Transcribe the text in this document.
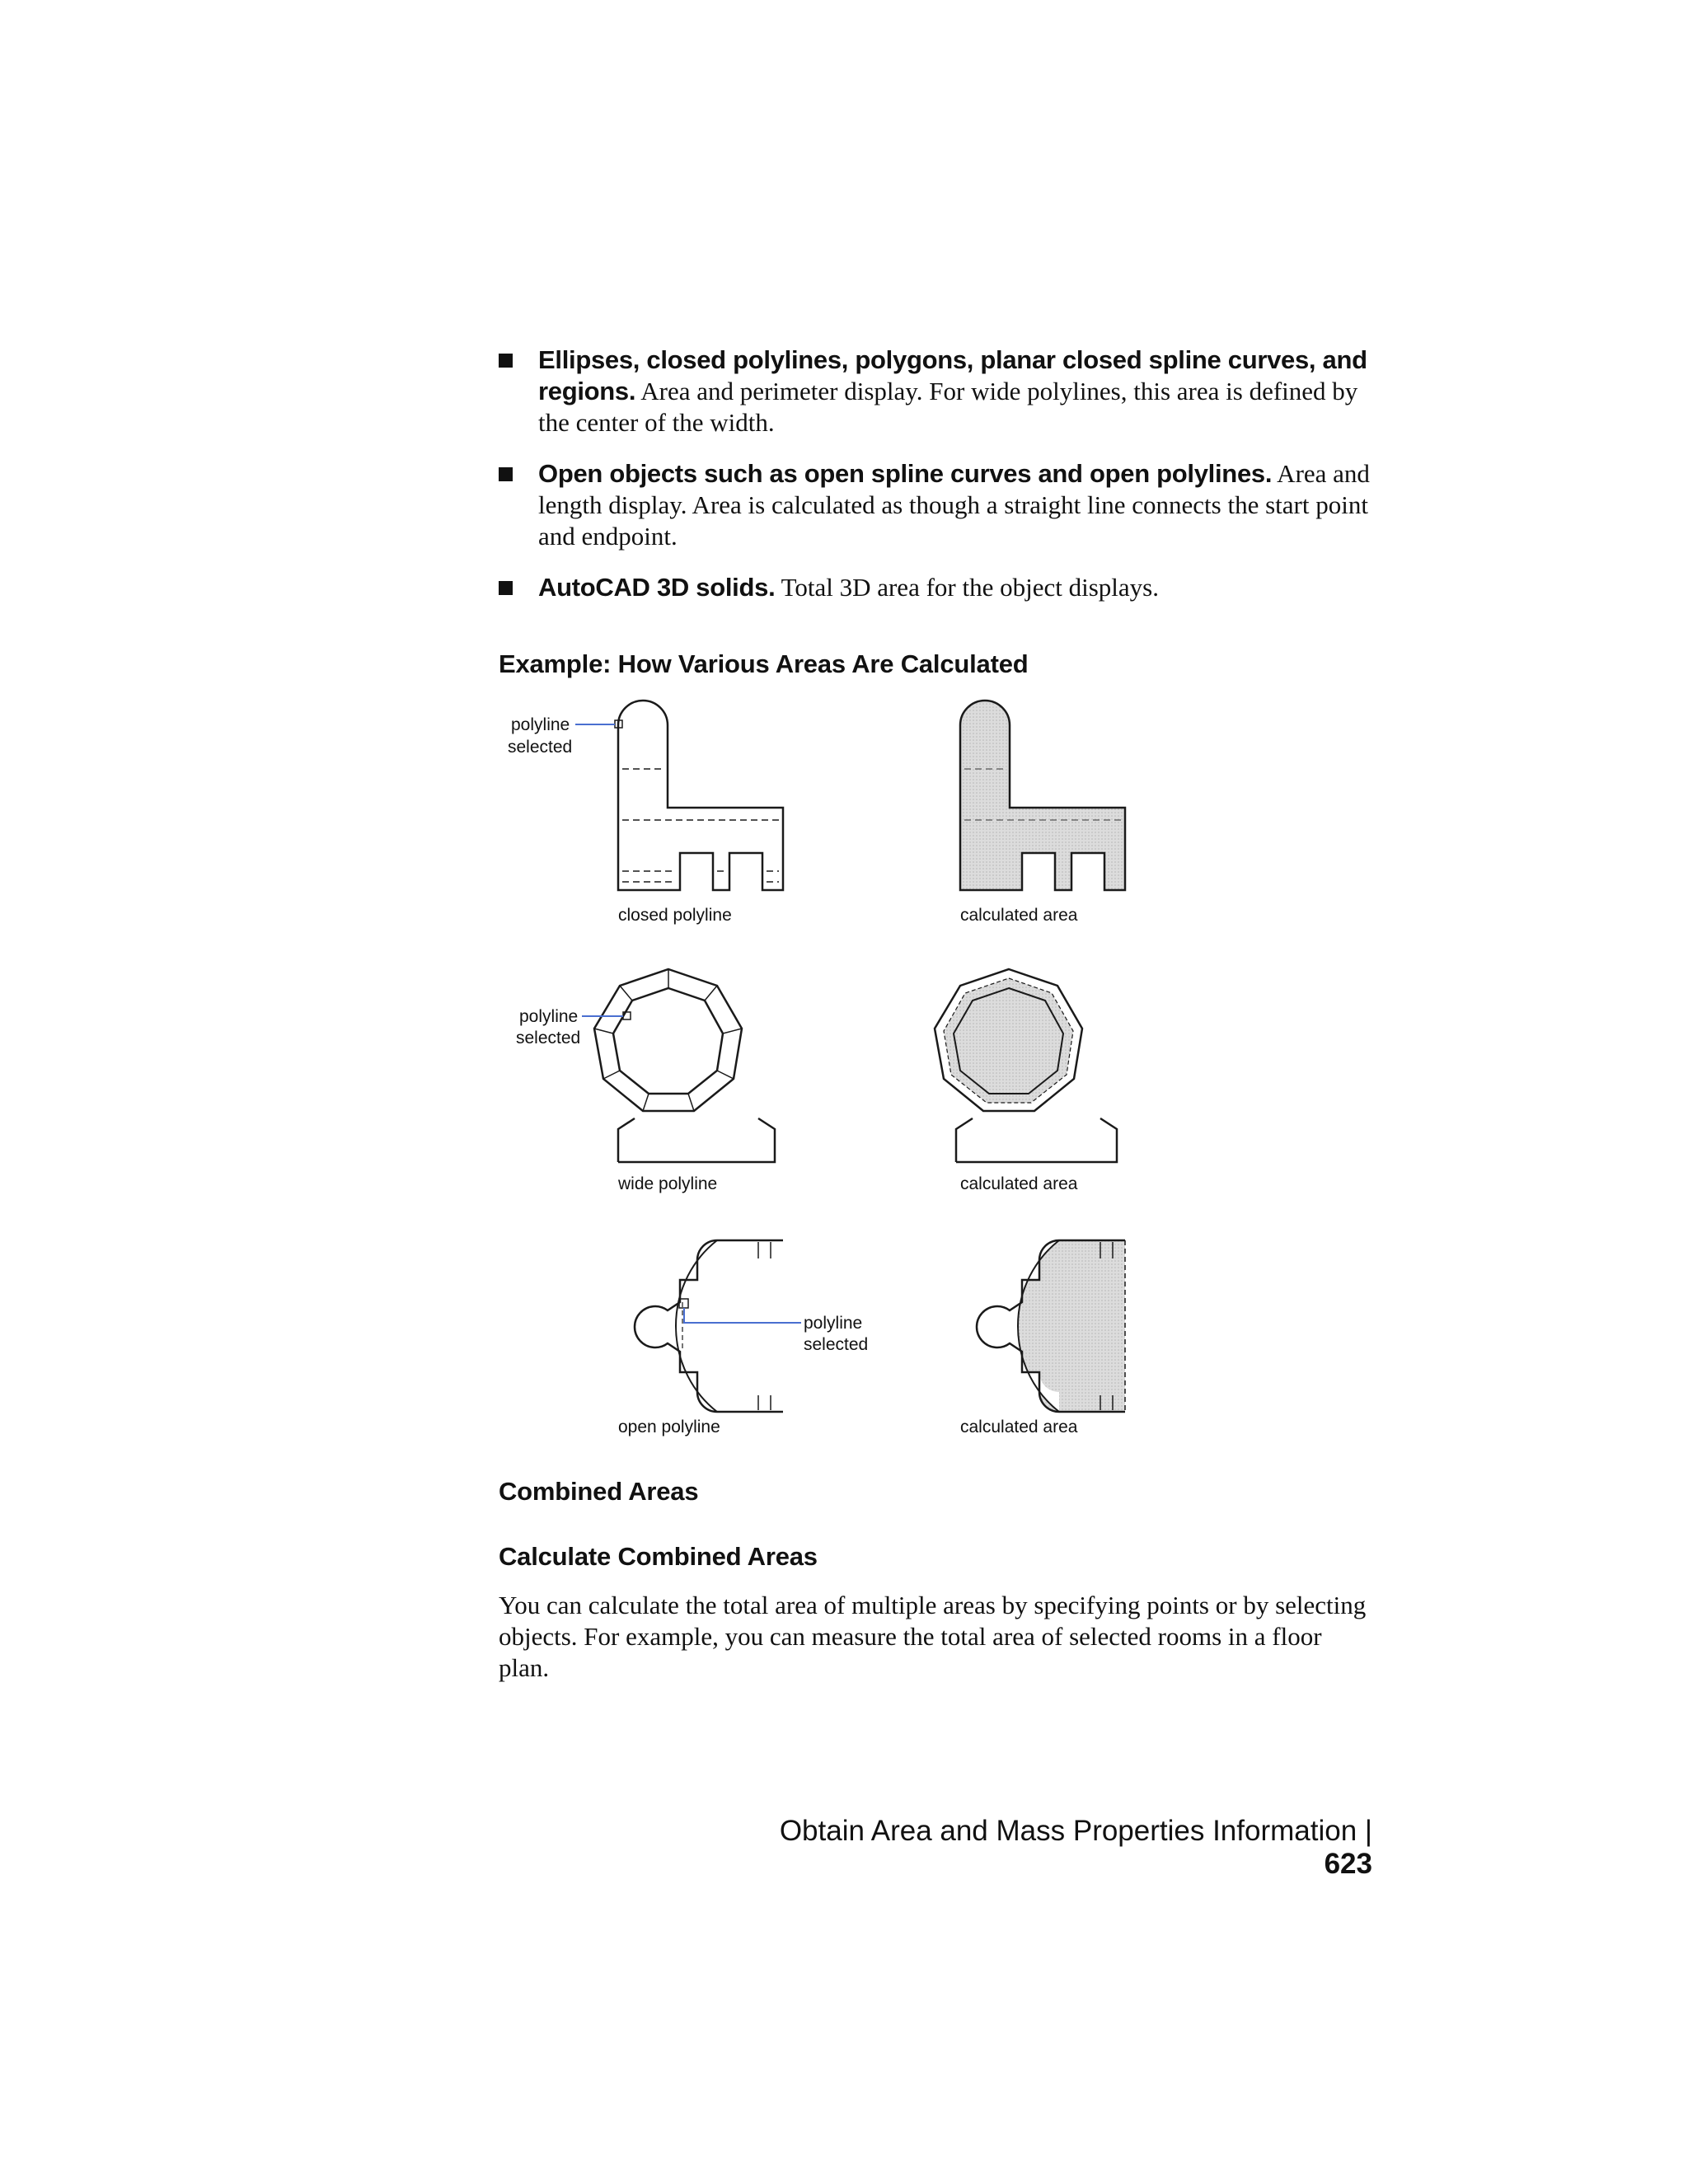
Ellipses, closed polylines, polygons, planar closed spline curves, and regions. Area and perimeter display. For wide polylines, this area is defined by the center of the width.
Open objects such as open spline curves and open polylines. Area and length display. Area is calculated as though a straight line connects the start point and endpoint.
AutoCAD 3D solids. Total 3D area for the object displays.
Example: How Various Areas Are Calculated
polyline
selected
closed polyline	calculated area
polyline
selected
wide polyline	calculated area
polyline
selected
open polyline	calculated area
Combined Areas
Calculate Combined Areas

You can calculate the total area of multiple areas by specifying points or by selecting objects. For example, you can measure the total area of selected rooms in a floor plan.

Obtain Area and Mass Properties Information | 623
